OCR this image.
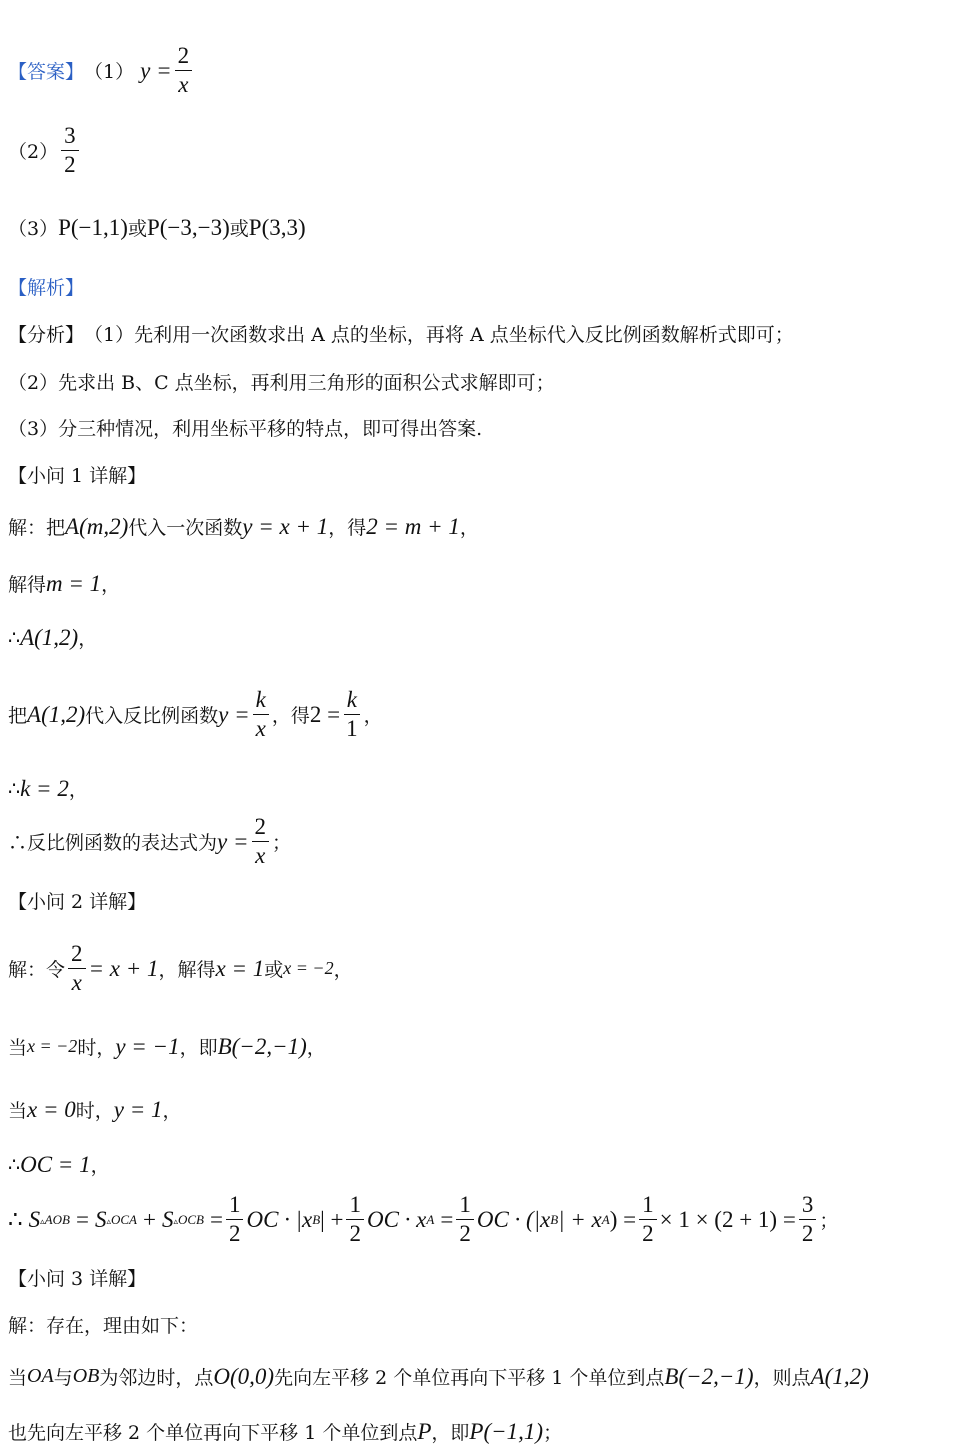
【答案】 （1） $y = \frac{2}{x}$
$(2) \frac{3}{2}$
（3） P(−1,1) 或 P(−3,−3) 或 P(3,3)
【解析】
【分析】 （1）先利用一次函数求出 A 点的坐标，再将 A 点坐标代入反比例函数解析式即可；
（2）先求出 B、C 点坐标，再利用三角形的面积公式求解即可；
（3）分三种情况，利用坐标平移的特点，即可得出答案.
【小问 1 详解】
解：把 A(m,2) 代入一次函数 y = x + 1 ，得 2 = m + 1 ，
解得 m = 1 ，
∴ A(1,2) ，
把 A(1,2) 代入反比例函数 $y = \frac{k}{x}$ ，得 $2 = \frac{k}{1}$ ，
∴ k = 2 ，
∴反比例函数的表达式为 $y = \frac{2}{x}$ ；
【小问 2 详解】
解：令 $\frac{2}{x} = x + 1$ ，解得 x = 1 或 x = −2 ，
当 x = −2 时， y = −1 ，即 B(−2,−1) ，
当 x = 0 时， y = 1 ，
∴ OC = 1 ，
∴ S ▵AOB = S ▵OCA + S ▵OCB = $\frac{1}{2}$ OC · |x B | + $\frac{1}{2}$ OC · x $A = \frac{1}{2}$ OC · (|x B | + x A ) = $\frac{1}{2} \times 1 \times (2 + 1) = \frac{3}{2}$ ；
【小问 3 详解】
解：存在，理由如下：
当 OA 与 OB 为邻边时，点 O(0,0) 先向左平移 2 个单位再向下平移 1 个单位到点 B(−2,−1) ，则点 A(1,2)
也先向左平移 2 个单位再向下平移 1 个单位到点 P ，即 P(−1,1) ；
